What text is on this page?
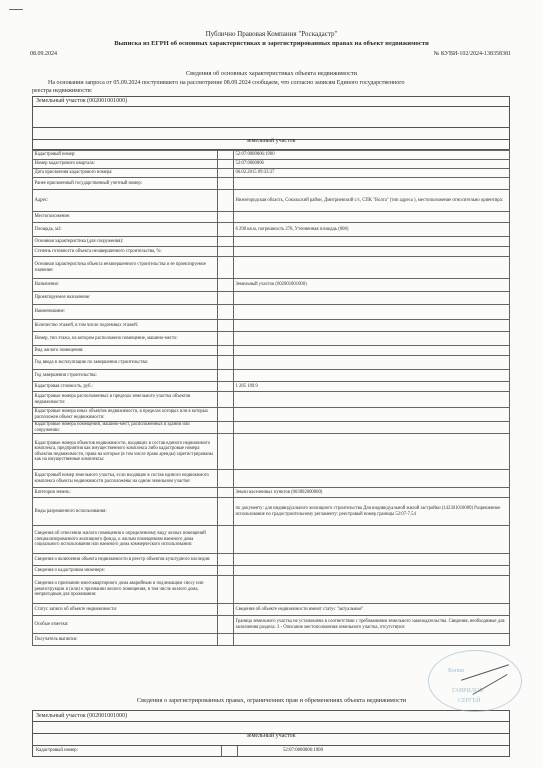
Публично Правовая Компания "Роскадастр"
Выписка из ЕГРН об основных характеристиках и зарегистрированных правах на объект недвижимости
08.09.2024	№ КУВИ-102/2024-138358381
Сведения об основных характеристиках объекта недвижимости
На основании запроса от 05.09.2024 поступившего на рассмотрение 08.09.2024 сообщаем, что согласно записям Единого государственного
реестра недвижимости:
Земельный участок (002001001000)
земельный участок
Кадастровый номер:		52:07:0000006:1900
Номер кадастрового квартала:		52:07:0000006
Дата присвоения кадастрового номера:		06.02.2015 09:33:37
Ранее присвоенный государственный учетный номер:		
Адрес:		Нижегородская область, Сокольский район, Дмитриевский с/с, СПК "Волга" (тип адреса ), местоположение относительно ориентира:
Местоположение:		
Площадь, м2:		6 290 кв.м, погрешность 278, Уточненная площадь (008)
Основная характеристика (для сооружения):		
Степень готовности объекта незавершенного строительства, %:		
Основная характеристика объекта незавершенного строительства и ее проектируемое значение:		
Назначение:		Земельный участок (002001001000)
Проектируемое назначение:		
Наименование:		
Количество этажей, в том числе подземных этажей:		
Номер, тип этажа, на котором расположено помещение, машино-место:		
Вид жилого помещения:		
Год ввода в эксплуатацию по завершении строительства:		
Год завершения строительства:		
Кадастровая стоимость, руб.:		1 285 109.9
Кадастровые номера расположенных в пределах земельного участка объектов недвижимости:		
Кадастровые номера иных объектов недвижимости, в пределах которых или в которых расположен объект недвижимости:		
Кадастровые номера помещений, машино-мест, расположенных в здании или сооружении:		
Кадастровые номера объектов недвижимости, входящих в состав единого недвижимого комплекса, предприятия как имущественного комплекса либо кадастровые номера объектов недвижимости, права на которые (в том числе право аренды) зарегистрированы как на имущественные комплексы:		
Кадастровый номер земельного участка, если входящие в состав единого недвижимого комплекса объекты недвижимости расположены на одном земельном участке:		
Категория земель:		Земли населенных пунктов (003002000000)
Виды разрешенного использования:		по документу: для индивидуального жилищного строительства Для индивидуальной жилой застройки (142301010000) Разрешенное использование по градостроительному регламенту: реестровый номер границы 52:07-7.54
Сведения об отнесении жилого помещения к определенному виду жилых помещений специализированного жилищного фонда, к жилым помещениям наемного дома социального использования или наемного дома коммерческого использования:		
Сведения о включении объекта недвижимости в реестр объектов культурного наследия:		
Сведения о кадастровом инженере:		
Сведения о признании многоквартирного дома аварийным и подлежащим сносу или реконструкции и (или) о признании жилого помещения, в том числе жилого дома, непригодным для проживания:		
Статус записи об объекте недвижимости:		Сведения об объекте недвижимости имеют статус "актуальные"
Особые отметки:		Граница земельного участка не установлена в соответствии с требованиями земельного законодательства. Сведения, необходимые для заполнения раздела: 3 - Описание местоположения земельного участка, отсутствуют.
Получатель выписки:		
Сведения о зарегистрированных правах, ограничениях прав и обременениях объекта недвижимости
Земельный участок (002001001000)
земельный участок
Кадастровый номер:	52:07:0000006:1900
Копия
ГАВРИЛОВ
СЕРГЕЙ
